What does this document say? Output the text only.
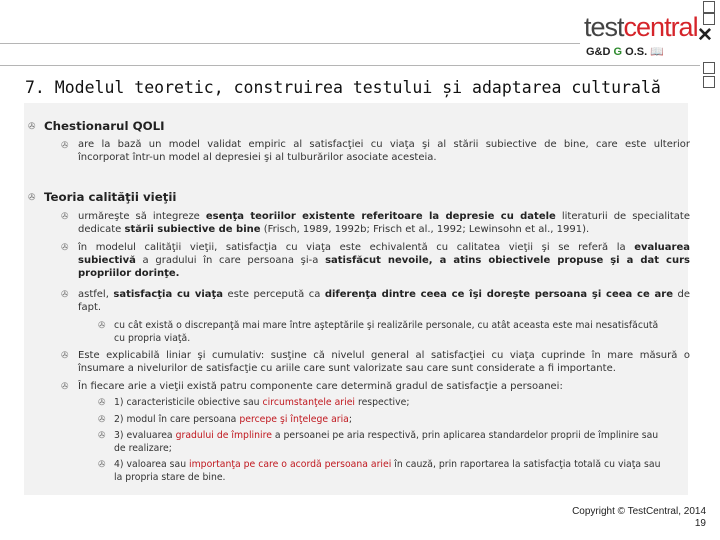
✕
testcentral
G&D G O.S. 📖
7. Modelul teoretic, construirea testului și adaptarea culturală
✇ Chestionarul QOLI
✇ are la bază un model validat empiric al satisfacţiei cu viaţa şi al stării subiective de bine, care este ulterior
încorporat într-un model al depresiei şi al tulburărilor asociate acesteia.
✇ Teoria calităţii vieţii
✇ urmăreşte să integreze esenţa teoriilor existente referitoare la depresie cu datele literaturii de specialitate
dedicate stării subiective de bine (Frisch, 1989, 1992b; Frisch et al., 1992; Lewinsohn et al., 1991).
✇ în modelul calităţii vieţii, satisfacţia cu viaţa este echivalentă cu calitatea vieţii şi se referă la evaluarea
subiectivă a gradului în care persoana şi-a satisfăcut nevoile, a atins obiectivele propuse şi a dat curs
propriilor dorinţe.
✇ astfel, satisfacţia cu viaţa este percepută ca diferenţa dintre ceea ce îşi doreşte persoana şi ceea ce are de
fapt.
✇ cu cât există o discrepanţă mai mare între aşteptările şi realizările personale, cu atât aceasta este mai nesatisfăcută
cu propria viaţă.
✇ Este explicabilă liniar şi cumulativ: susţine că nivelul general al satisfacţiei cu viaţa cuprinde în mare măsură o
însumare a nivelurilor de satisfacţie cu ariile care sunt valorizate sau care sunt considerate a fi importante.
✇ În fiecare arie a vieţii există patru componente care determină gradul de satisfacţie a persoanei:
✇ 1) caracteristicile obiective sau circumstanţele ariei respective;
✇ 2) modul în care persoana percepe şi înţelege aria;
✇ 3) evaluarea gradului de împlinire a persoanei pe aria respectivă, prin aplicarea standardelor proprii de împlinire sau
de realizare;
✇ 4) valoarea sau importanţa pe care o acordă persoana ariei în cauză, prin raportarea la satisfacţia totală cu viaţa sau
la propria stare de bine.
Copyright © TestCentral, 2014
19
